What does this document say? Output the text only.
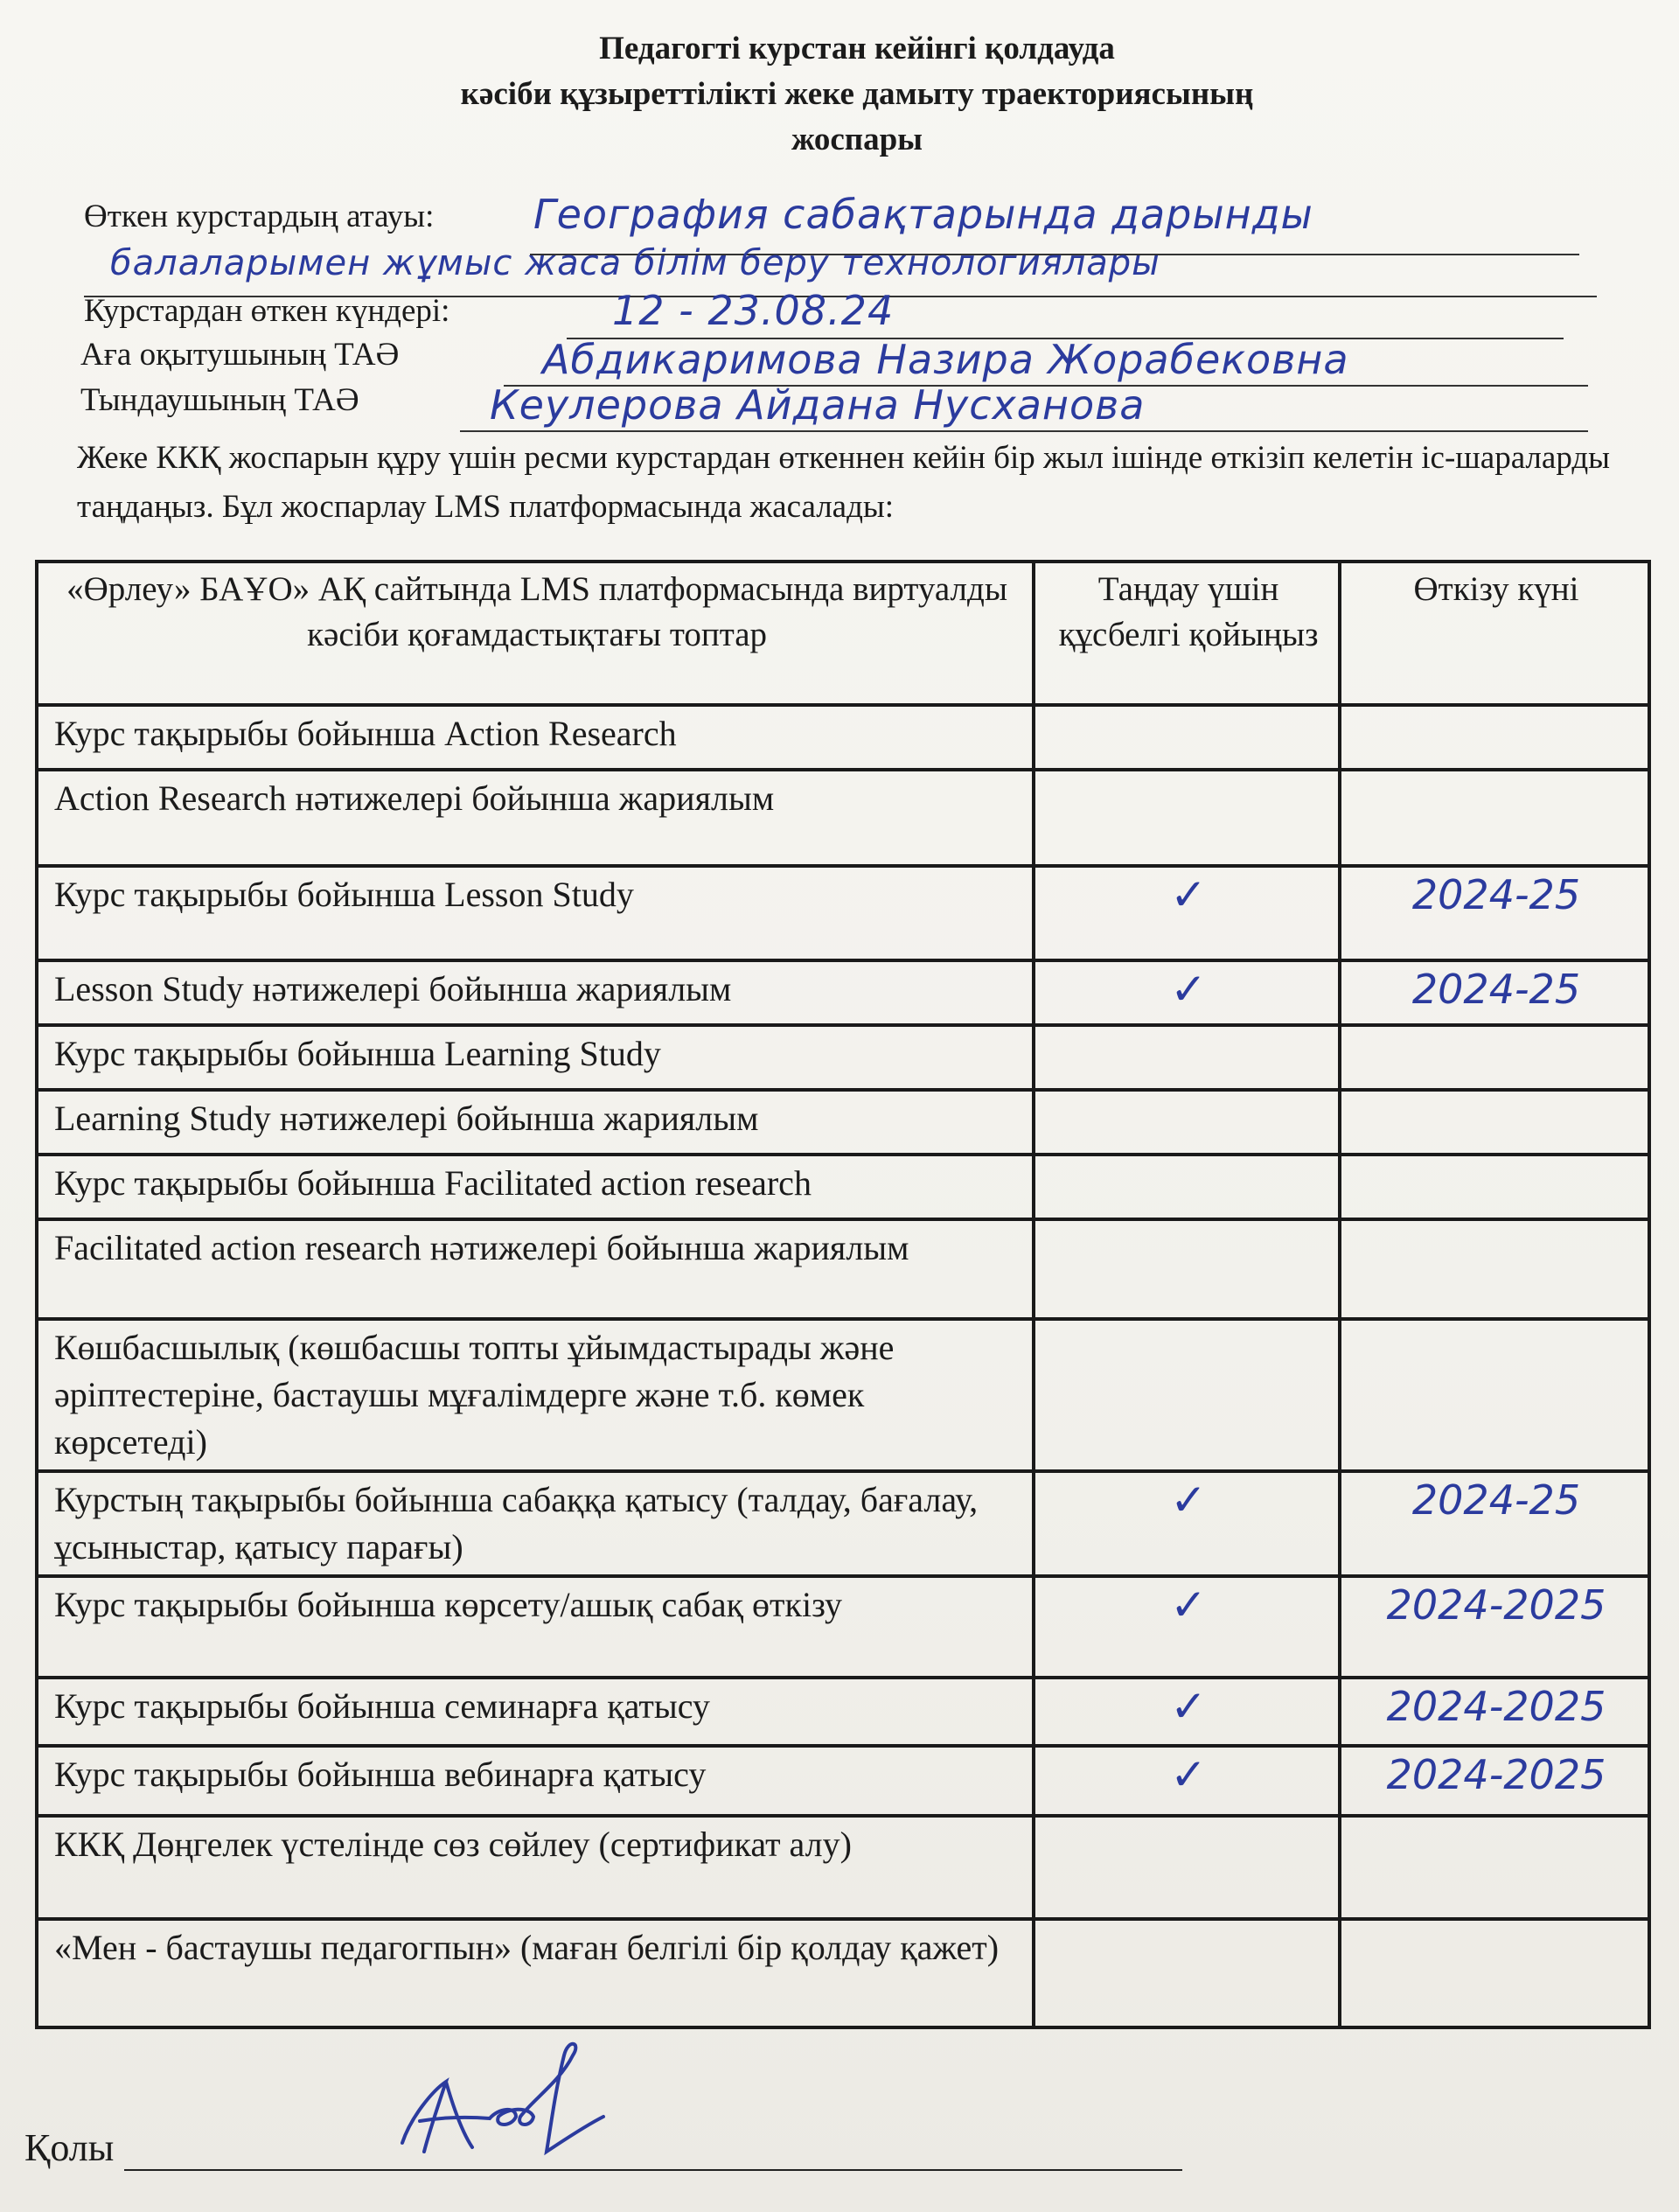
Педагогті курстан кейінгі қолдауда
кәсіби құзыреттілікті жеке дамыту траекториясының
жоспары
Өткен курстардың атауы: География сабақтарында дарынды
балаларымен жұмыс жаса білім беру технологиялары
Курстардан өткен күндері:	12 - 23.08.24
Аға оқытушының ТАӘ	Абдикаримова Назира Жорабековна
Тындаушының ТАӘ	Кеулерова Айдана Нусханова
Жеке ККҚ жоспарын құру үшін ресми курстардан өткеннен кейін бір жыл ішінде өткізіп келетін іс-шараларды таңдаңыз. Бұл жоспарлау LMS платформасында жасалады:
«Өрлеу» БАҰО» АҚ сайтында LMS платформасында виртуалды кәсіби қоғамдастықтағы топтар	Таңдау үшін құсбелгі қойыңыз	Өткізу күні
Курс тақырыбы бойынша Action Research		
Action Research нәтижелері бойынша жариялым		
Курс тақырыбы бойынша Lesson Study	✓	2024-25
Lesson Study нәтижелері бойынша жариялым	✓	2024-25
Курс тақырыбы бойынша Learning Study		
Learning Study нәтижелері бойынша жариялым		
Курс тақырыбы бойынша Facilitated action research		
Facilitated action research нәтижелері бойынша жариялым		
Көшбасшылық (көшбасшы топты ұйымдастырады және әріптестеріне, бастаушы мұғалімдерге және т.б. көмек көрсетеді)		
Курстың тақырыбы бойынша сабаққа қатысу (талдау, бағалау, ұсыныстар, қатысу парағы)	✓	2024-25
Курс тақырыбы бойынша көрсету/ашық сабақ өткізу	✓	2024-2025
Курс тақырыбы бойынша семинарға қатысу	✓	2024-2025
Курс тақырыбы бойынша вебинарға қатысу	✓	2024-2025
ККҚ Дөңгелек үстелінде сөз сөйлеу (сертификат алу)		
«Мен - бастаушы педагогпын» (маған белгілі бір қолдау қажет)		
Қолы
